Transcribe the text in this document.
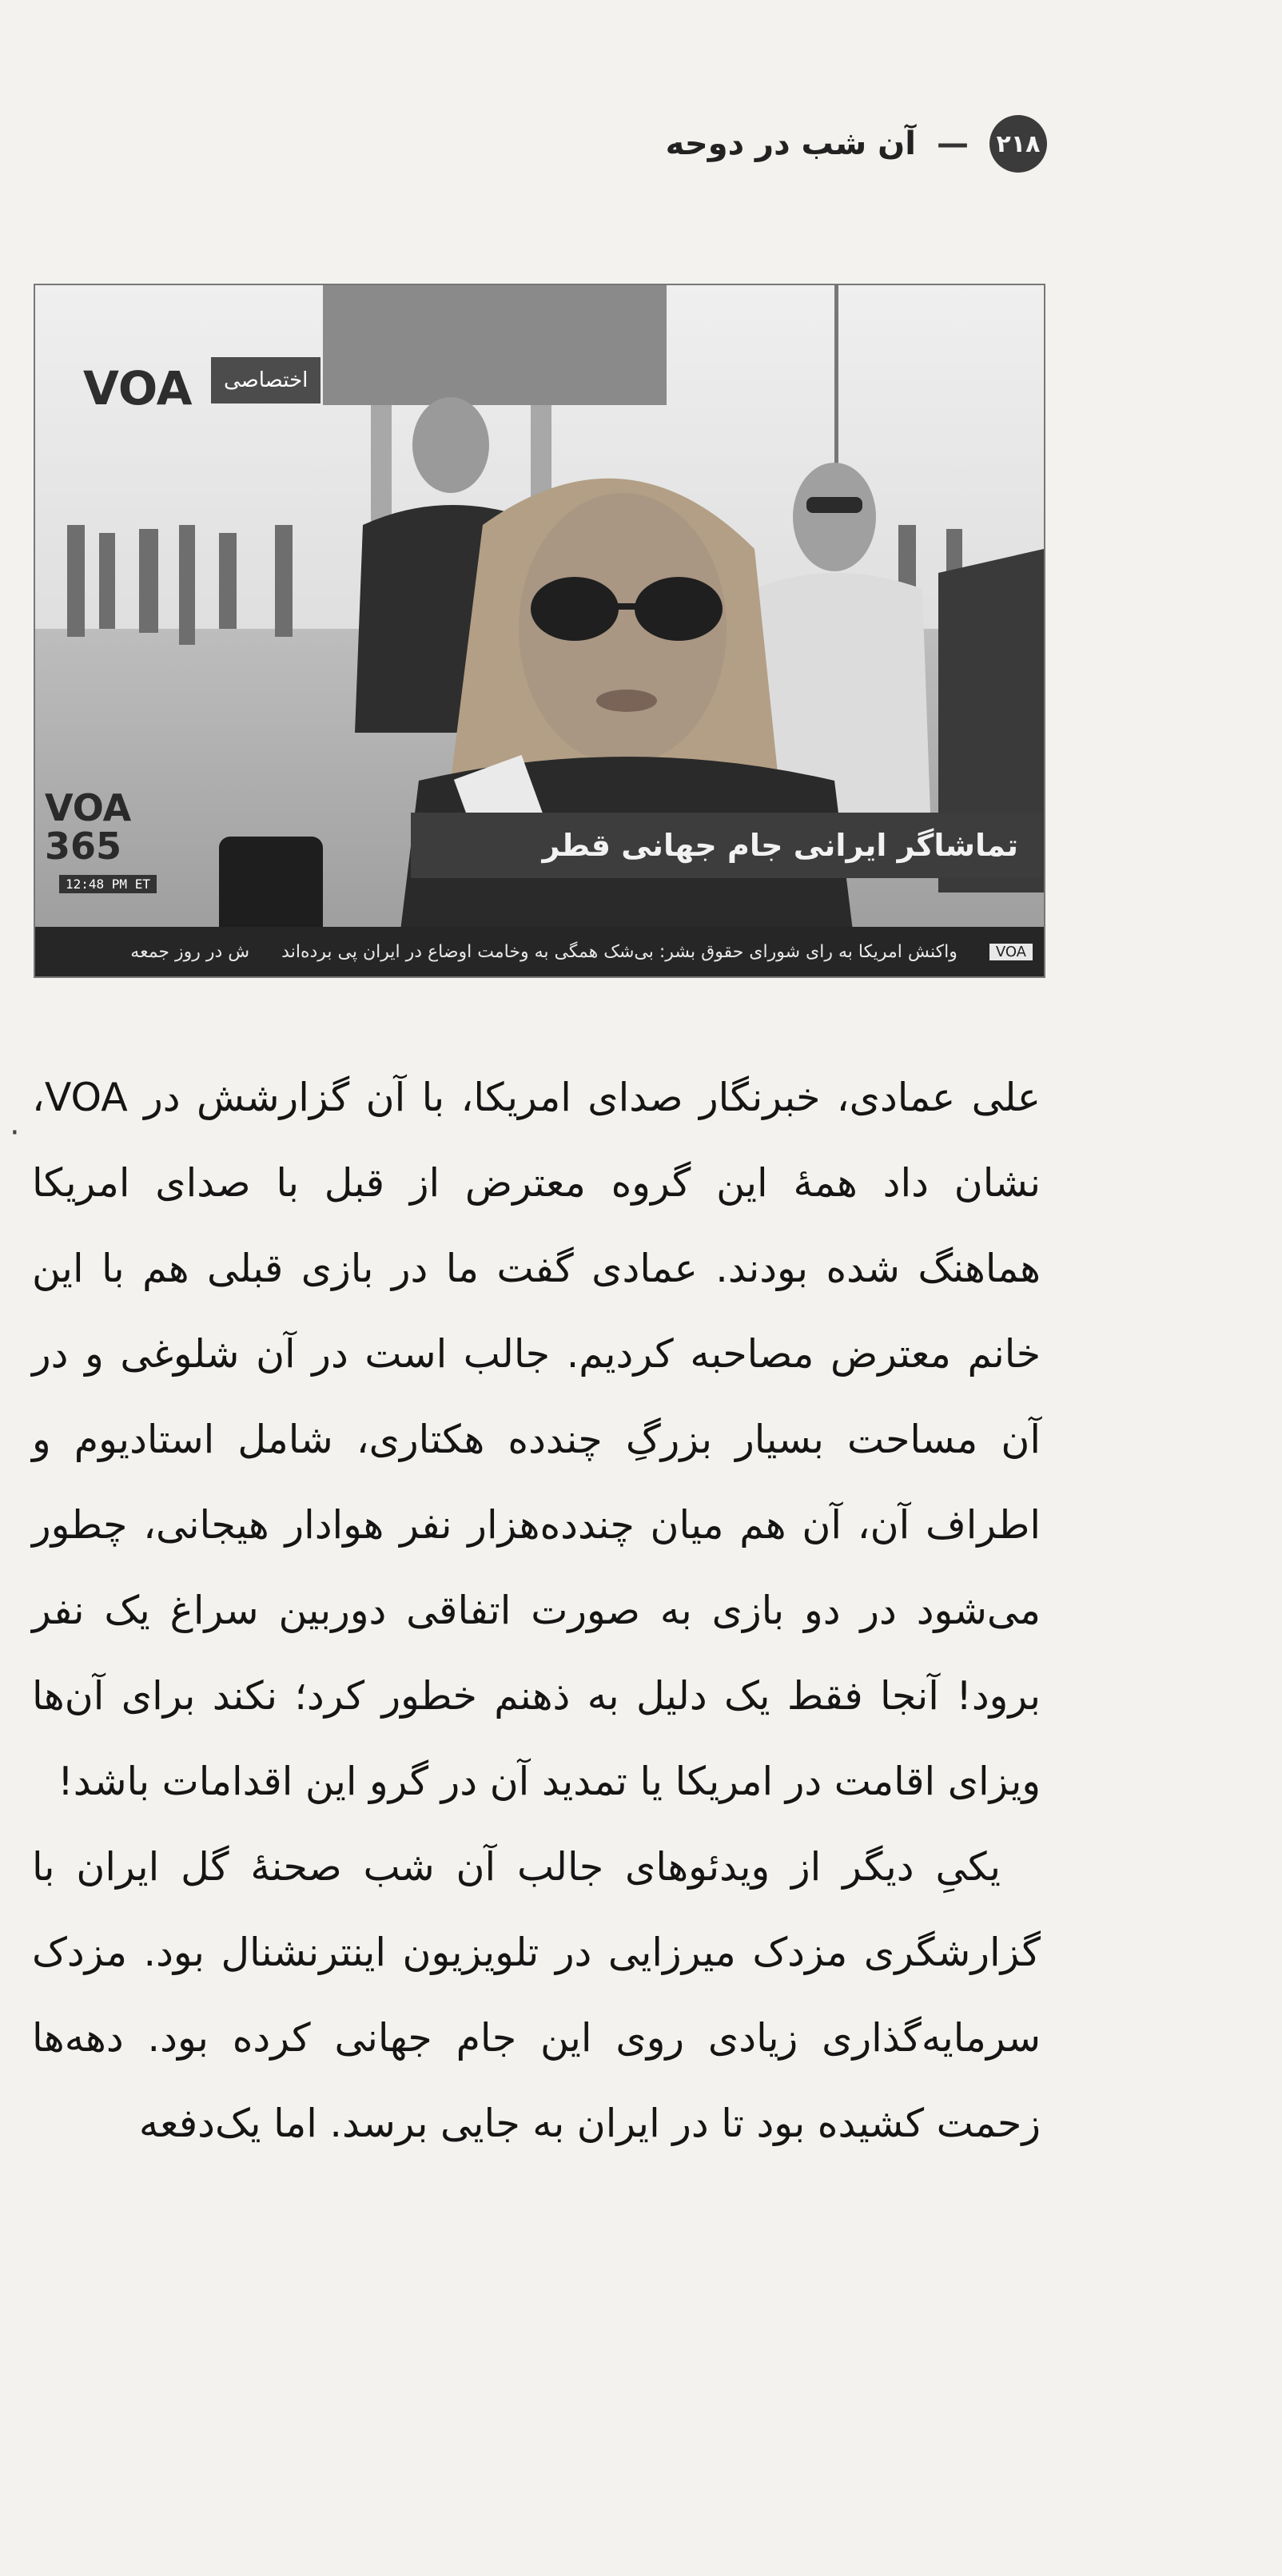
۲۱۸
—
آن شب در دوحه
VOA	اختصاصی
VOA 365
12:48 PM ET
تماشاگر ایرانی جام جهانی قطر
VOA
واکنش امریکا به رای شورای حقوق بشر: بی‌شک همگی به وخامت اوضاع در ایران پی برده‌اند
ش در روز جمعه
·

علی عمادی، خبرنگار صدای امریکا، با آن گزارشش در VOA، نشان داد همهٔ این گروه معترض از قبل با صدای امریکا هماهنگ شده بودند. عمادی گفت ما در بازی قبلی هم با این خانم معترض مصاحبه کردیم. جالب است در آن شلوغی و در آن مساحت بسیار بزرگِ چندده هکتاری، شامل استادیوم و اطراف آن، آن هم میان چندده‌هزار نفر هوادار هیجانی، چطور می‌شود در دو بازی به صورت اتفاقی دوربین سراغ یک نفر برود! آنجا فقط یک دلیل به ذهنم خطور کرد؛ نکند برای آن‌ها ویزای اقامت در امریکا یا تمدید آن در گرو این اقدامات باشد!

یکیِ دیگر از ویدئوهای جالب آن شب صحنهٔ گل ایران با گزارشگری مزدک میرزایی در تلویزیون اینترنشنال بود. مزدک سرمایه‌گذاری زیادی روی این جام جهانی کرده بود. دهه‌ها زحمت کشیده بود تا در ایران به جایی برسد. اما یک‌دفعه
